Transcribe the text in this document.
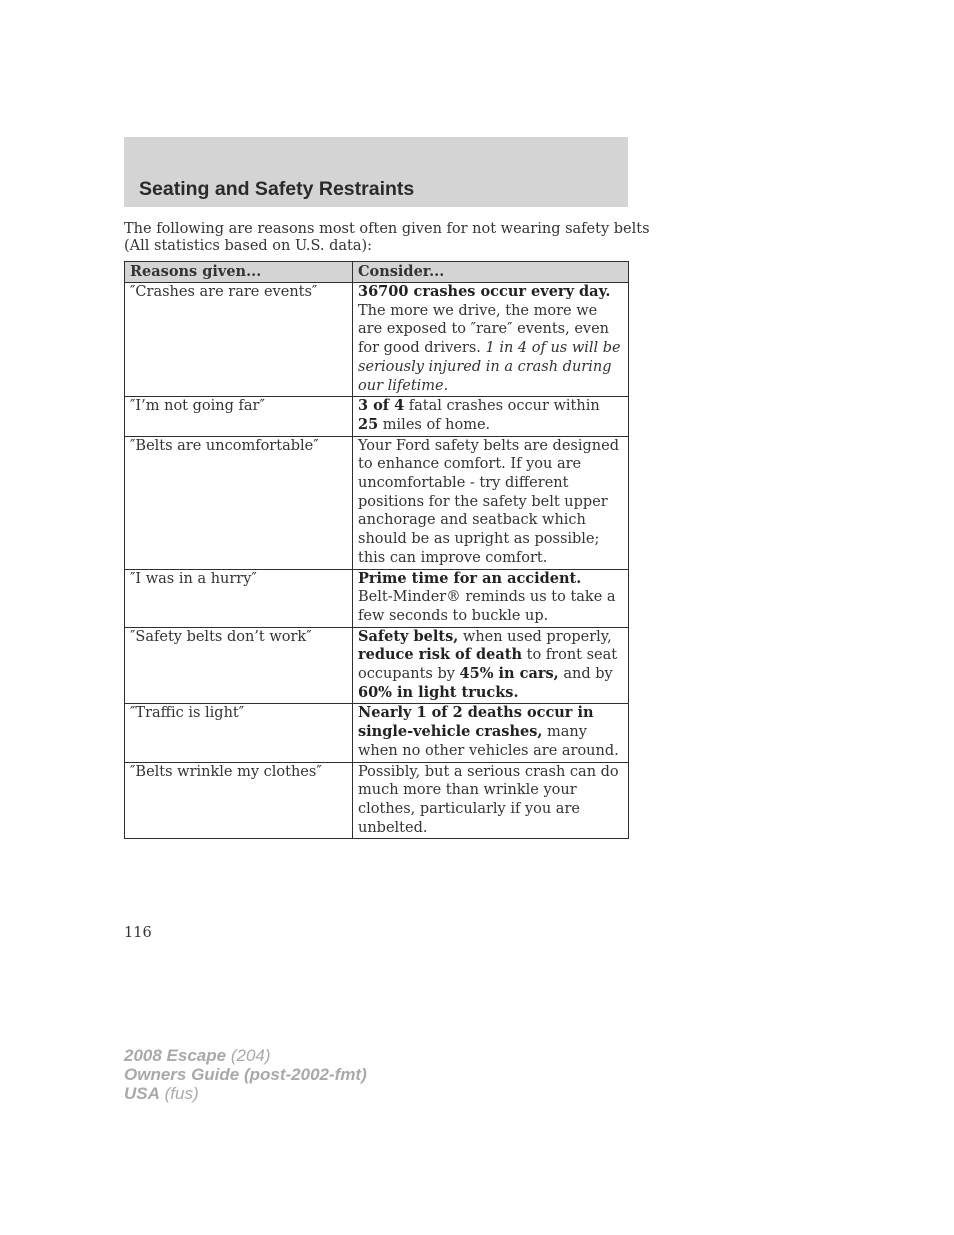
Seating and Safety Restraints
The following are reasons most often given for not wearing safety belts
(All statistics based on U.S. data):
Reasons given...	Consider...
″Crashes are rare events″	36700 crashes occur every day.
The more we drive, the more we are exposed to ″rare″ events, even for good drivers. 1 in 4 of us will be seriously injured in a crash during our lifetime.
″I’m not going far″	3 of 4 fatal crashes occur within
25 miles of home.
″Belts are uncomfortable″	Your Ford safety belts are designed to enhance comfort. If you are uncomfortable - try different positions for the safety belt upper anchorage and seatback which should be as upright as possible; this can improve comfort.
″I was in a hurry″	Prime time for an accident.
Belt-Minder® reminds us to take a few seconds to buckle up.
″Safety belts don’t work″	Safety belts, when used properly, reduce risk of death to front seat occupants by 45% in cars, and by 60% in light trucks.
″Traffic is light″	Nearly 1 of 2 deaths occur in single-vehicle crashes, many when no other vehicles are around.
″Belts wrinkle my clothes″	Possibly, but a serious crash can do much more than wrinkle your clothes, particularly if you are unbelted.
116
2008 Escape (204)
Owners Guide (post-2002-fmt)
USA (fus)
